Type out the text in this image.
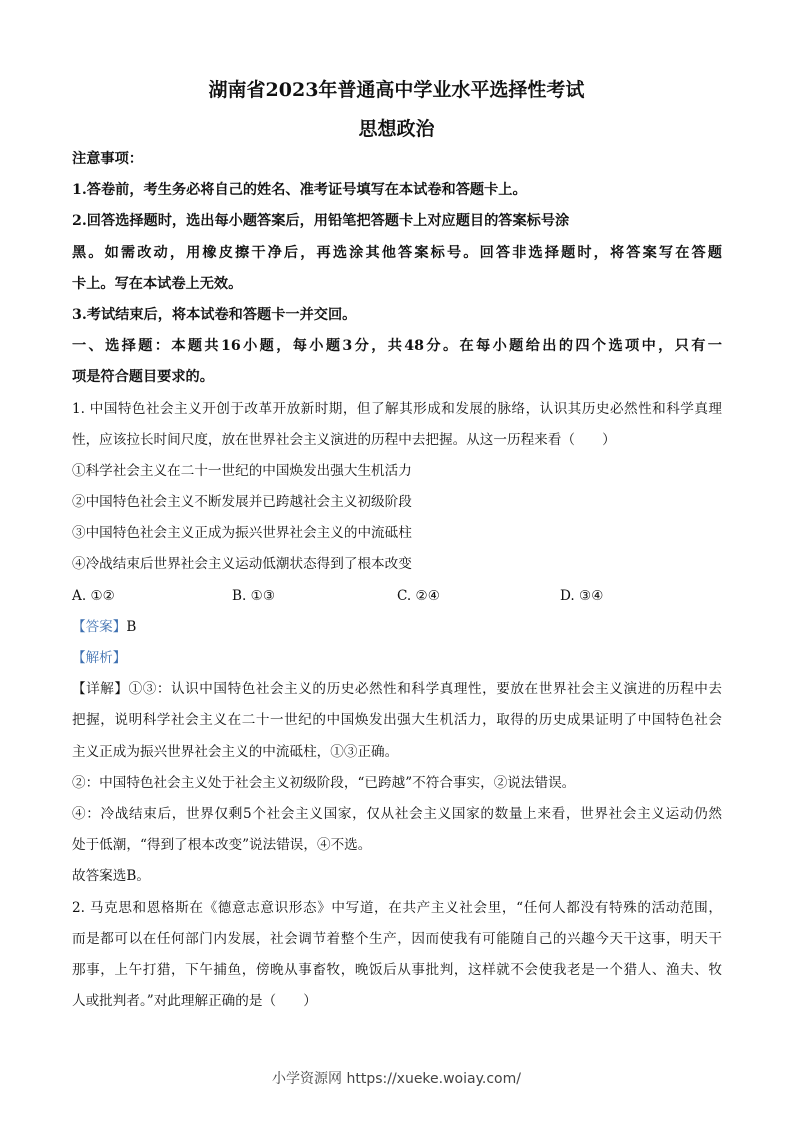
湖南省2023年普通高中学业水平选择性考试
思想政治
注意事项：
1.答卷前，考生务必将自己的姓名、准考证号填写在本试卷和答题卡上。
2.回答选择题时，选出每小题答案后，用铅笔把答题卡上对应题目的答案标号涂
黑。如需改动，用橡皮擦干净后，再选涂其他答案标号。回答非选择题时，将答案写在答题
卡上。写在本试卷上无效。
3.考试结束后，将本试卷和答题卡一并交回。
一、选择题：本题共16小题，每小题3分，共48分。在每小题给出的四个选项中，只有一
项是符合题目要求的。
1. 中国特色社会主义开创于改革开放新时期，但了解其形成和发展的脉络，认识其历史必然性和科学真理
性，应该拉长时间尺度，放在世界社会主义演进的历程中去把握。从这一历程来看（　　）
①科学社会主义在二十一世纪的中国焕发出强大生机活力
②中国特色社会主义不断发展并已跨越社会主义初级阶段
③中国特色社会主义正成为振兴世界社会主义的中流砥柱
④冷战结束后世界社会主义运动低潮状态得到了根本改变
A. ①②	B. ①③	C. ②④	D. ③④
【答案】B
【解析】
【详解】①③：认识中国特色社会主义的历史必然性和科学真理性，要放在世界社会主义演进的历程中去
把握，说明科学社会主义在二十一世纪的中国焕发出强大生机活力，取得的历史成果证明了中国特色社会
主义正成为振兴世界社会主义的中流砥柱，①③正确。
②：中国特色社会主义处于社会主义初级阶段，“已跨越”不符合事实，②说法错误。
④：冷战结束后，世界仅剩5个社会主义国家，仅从社会主义国家的数量上来看，世界社会主义运动仍然
处于低潮，“得到了根本改变”说法错误，④不选。
故答案选B。
2. 马克思和恩格斯在《德意志意识形态》中写道，在共产主义社会里，“任何人都没有特殊的活动范围，
而是都可以在任何部门内发展，社会调节着整个生产，因而使我有可能随自己的兴趣今天干这事，明天干
那事，上午打猎，下午捕鱼，傍晚从事畜牧，晚饭后从事批判，这样就不会使我老是一个猎人、渔夫、牧
人或批判者。”对此理解正确的是（　　）
小学资源网 https://xueke.woiay.com/
